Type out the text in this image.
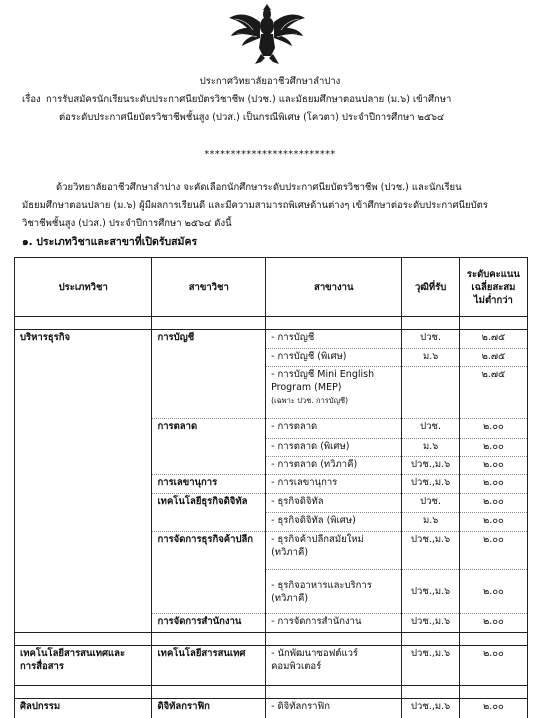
ประกาศวิทยาลัยอาชีวศึกษาลำปาง
เรื่อง การรับสมัครนักเรียนระดับประกาศนียบัตรวิชาชีพ (ปวช.) และมัธยมศึกษาตอนปลาย (ม.๖) เข้าศึกษา
ต่อระดับประกาศนียบัตรวิชาชีพชั้นสูง (ปวส.) เป็นกรณีพิเศษ (โควตา) ประจำปีการศึกษา ๒๕๖๔
*************************
ด้วยวิทยาลัยอาชีวศึกษาลำปาง จะคัดเลือกนักศึกษาระดับประกาศนียบัตรวิชาชีพ (ปวช.) และนักเรียน
มัธยมศึกษาตอนปลาย (ม.๖) ผู้มีผลการเรียนดี และมีความสามารถพิเศษด้านต่างๆ เข้าศึกษาต่อระดับประกาศนียบัตร
วิชาชีพชั้นสูง (ปวส.) ประจำปีการศึกษา ๒๕๖๔ ดังนี้
๑. ประเภทวิชาและสาขาที่เปิดรับสมัคร
ประเภทวิชา	สาขาวิชา	สาขางาน	วุฒิที่รับ	ระดับคะแนน
เฉลี่ยสะสม
ไม่ต่ำกว่า

บริหารธุรกิจ	การบัญชี	- การบัญชี	ปวช.	๒.๗๕
		- การบัญชี (พิเศษ)	ม.๖	๒.๗๕

		- การบัญชี Mini English
Program (MEP)
(เฉพาะ ปวช. การบัญชี)		๒.๗๕
	การตลาด	- การตลาด	ปวช.	๒.๐๐
		- การตลาด (พิเศษ)	ม.๖	๒.๐๐
		- การตลาด (ทวิภาคี)	ปวช.,ม.๖	๒.๐๐
	การเลขานุการ	- การเลขานุการ	ปวช.,ม.๖	๒.๐๐
	เทคโนโลยีธุรกิจดิจิทัล	- ธุรกิจดิจิทัล	ปวช.	๒.๐๐
		- ธุรกิจดิจิทัล (พิเศษ)	ม.๖	๒.๐๐
	การจัดการธุรกิจค้าปลีก	- ธุรกิจค้าปลีกสมัยใหม่
(ทวิภาคี)	ปวช.,ม.๖	๒.๐๐

		- ธุรกิจอาหารและบริการ
(ทวิภาคี)	ปวช.,ม.๖	๒.๐๐
	การจัดการสำนักงาน	- การจัดการสำนักงาน	ปวช.,ม.๖	๒.๐๐

เทคโนโลยีสารสนเทศและ
การสื่อสาร	เทคโนโลยีสารสนเทศ	- นักพัฒนาซอฟต์แวร์
คอมพิวเตอร์	ปวช.,ม.๖	๒.๐๐

ศิลปกรรม	ดิจิทัลกราฟิก	- ดิจิทัลกราฟิก	ปวช.,ม.๖	๒.๐๐
